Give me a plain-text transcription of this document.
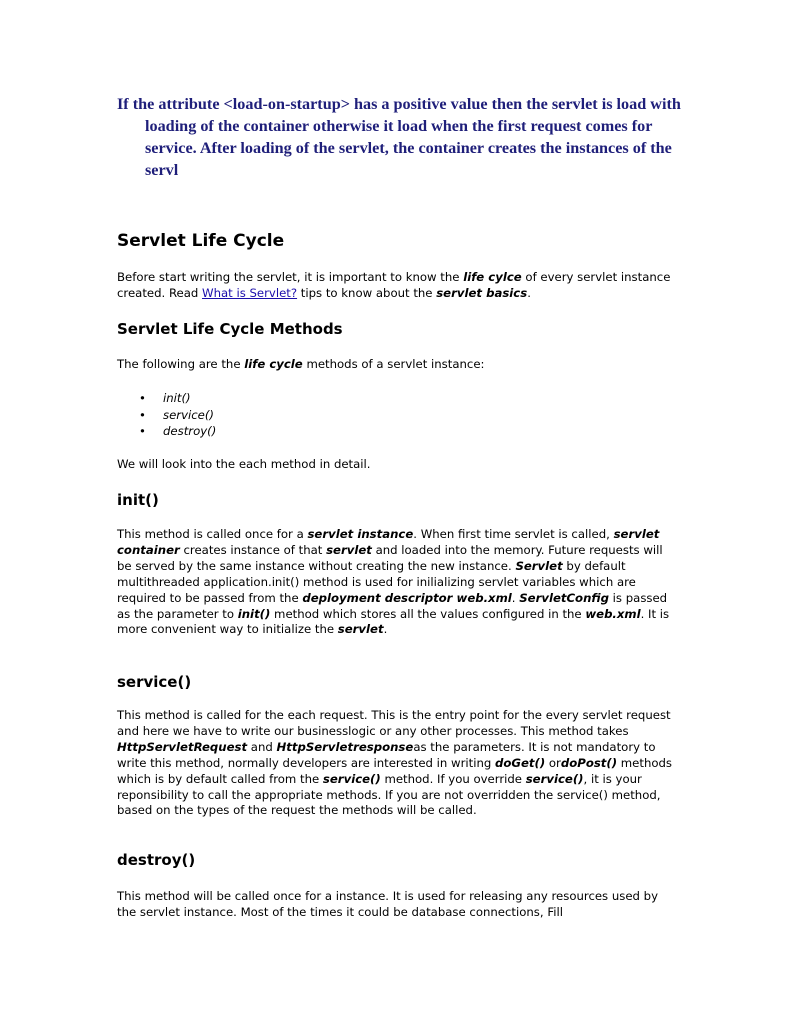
If the attribute <load-on-startup> has a positive value then the servlet is load with loading of the container otherwise it load when the first request comes for service. After loading of the servlet, the container creates the instances of the servl
Servlet Life Cycle
Before start writing the servlet, it is important to know the life cylce of every servlet instance created. Read What is Servlet? tips to know about the servlet basics.
Servlet Life Cycle Methods
The following are the life cycle methods of a servlet instance:
• init()
• service()
• destroy()
We will look into the each method in detail.
init()
This method is called once for a servlet instance. When first time servlet is called, servlet container creates instance of that servlet and loaded into the memory. Future requests will be served by the same instance without creating the new instance. Servlet by default multithreaded application.init() method is used for inilializing servlet variables which are required to be passed from the deployment descriptor web.xml. ServletConfig is passed as the parameter to init() method which stores all the values configured in the web.xml. It is more convenient way to initialize the servlet.
service()
This method is called for the each request. This is the entry point for the every servlet request and here we have to write our businesslogic or any other processes. This method takes HttpServletRequest and HttpServletresponseas the parameters. It is not mandatory to write this method, normally developers are interested in writing doGet() ordoPost() methods which is by default called from the service() method. If you override service(), it is your reponsibility to call the appropriate methods. If you are not overridden the service() method, based on the types of the request the methods will be called.
destroy()
This method will be called once for a instance. It is used for releasing any resources used by the servlet instance. Most of the times it could be database connections, Fill
